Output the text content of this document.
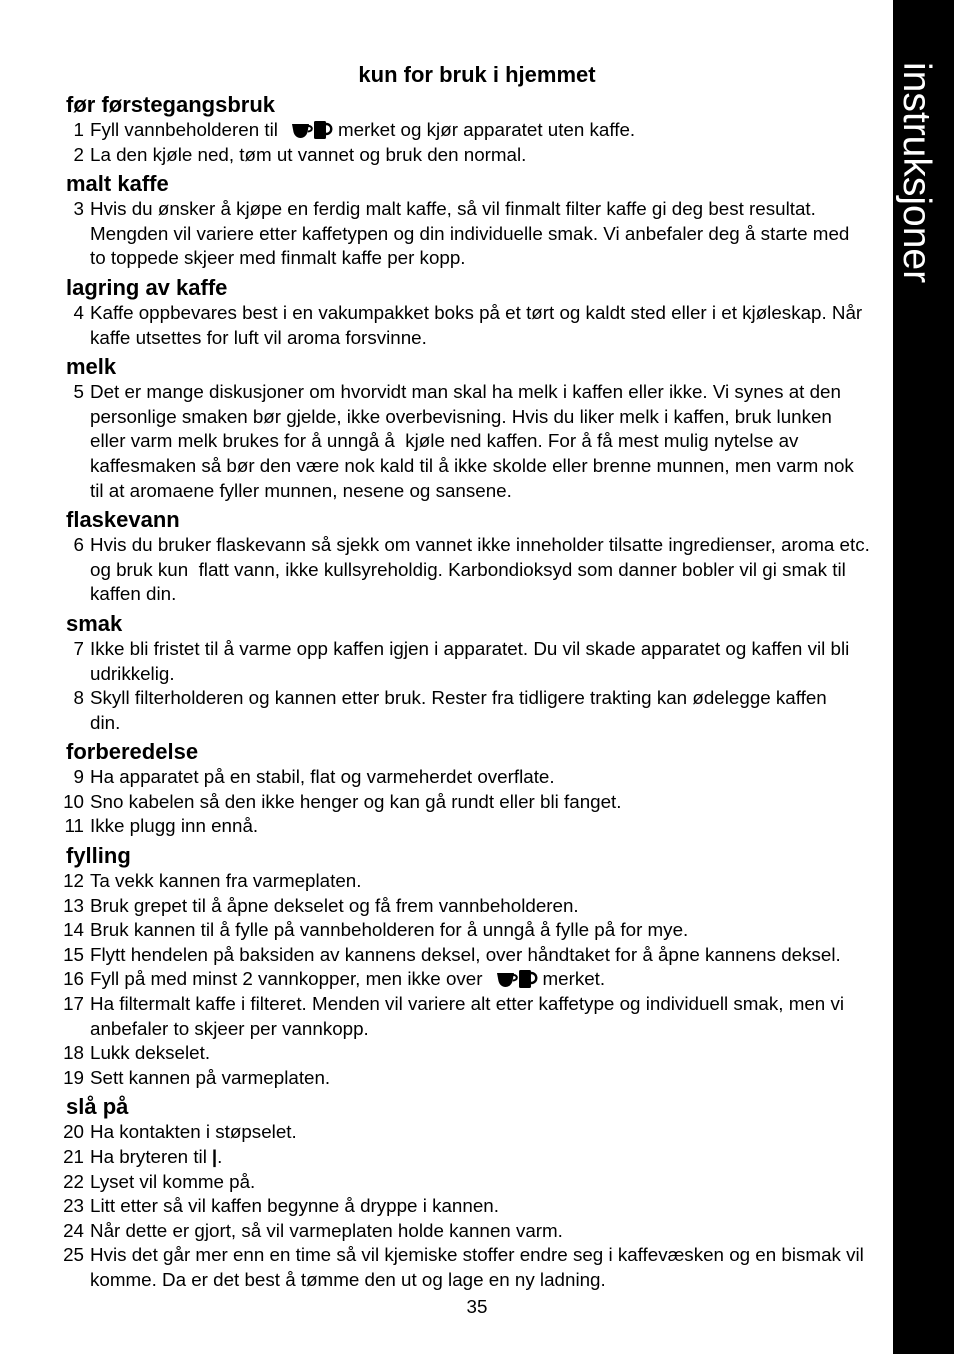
kun for bruk i hjemmet
før førstegangsbruk
1 Fyll vannbeholderen til	merket og kjør apparatet uten kaffe.
2 La den kjøle ned, tøm ut vannet og bruk den normal.
malt kaffe
3 Hvis du ønsker å kjøpe en ferdig malt kaffe, så vil finmalt filter kaffe gi deg best resultat.
Mengden vil variere etter kaffetypen og din individuelle smak. Vi anbefaler deg å starte med
to toppede skjeer med finmalt kaffe per kopp.
lagring av kaffe
4 Kaffe oppbevares best i en vakumpakket boks på et tørt og kaldt sted eller i et kjøleskap. Når
kaffe utsettes for luft vil aroma forsvinne.
melk
5 Det er mange diskusjoner om hvorvidt man skal ha melk i kaffen eller ikke. Vi synes at den
personlige smaken bør gjelde, ikke overbevisning. Hvis du liker melk i kaffen, bruk lunken
eller varm melk brukes for å unngå å  kjøle ned kaffen. For å få mest mulig nytelse av
kaffesmaken så bør den være nok kald til å ikke skolde eller brenne munnen, men varm nok
til at aromaene fyller munnen, nesene og sansene.
flaskevann
6 Hvis du bruker flaskevann så sjekk om vannet ikke inneholder tilsatte ingredienser, aroma etc.
og bruk kun  flatt vann, ikke kullsyreholdig. Karbondioksyd som danner bobler vil gi smak til
kaffen din.
smak
7 Ikke bli fristet til å varme opp kaffen igjen i apparatet. Du vil skade apparatet og kaffen vil bli
udrikkelig.
8 Skyll filterholderen og kannen etter bruk. Rester fra tidligere trakting kan ødelegge kaffen
din.
forberedelse
9 Ha apparatet på en stabil, flat og varmeherdet overflate.
10 Sno kabelen så den ikke henger og kan gå rundt eller bli fanget.
11 Ikke plugg inn ennå.
fylling
12 Ta vekk kannen fra varmeplaten.
13 Bruk grepet til å åpne dekselet og få frem vannbeholderen.
14 Bruk kannen til å fylle på vannbeholderen for å unngå å fylle på for mye.
15 Flytt hendelen på baksiden av kannens deksel, over håndtaket for å åpne kannens deksel.
16 Fyll på med minst 2 vannkopper, men ikke over	merket.
17 Ha filtermalt kaffe i filteret. Menden vil variere alt etter kaffetype og individuell smak, men vi
anbefaler to skjeer per vannkopp.
18 Lukk dekselet.
19 Sett kannen på varmeplaten.
slå på
20 Ha kontakten i støpselet.
21 Ha bryteren til |.
22 Lyset vil komme på.
23 Litt etter så vil kaffen begynne å dryppe i kannen.
24 Når dette er gjort, så vil varmeplaten holde kannen varm.
25 Hvis det går mer enn en time så vil kjemiske stoffer endre seg i kaffevæsken og en bismak vil
komme. Da er det best å tømme den ut og lage en ny ladning.
35
instruksjoner
